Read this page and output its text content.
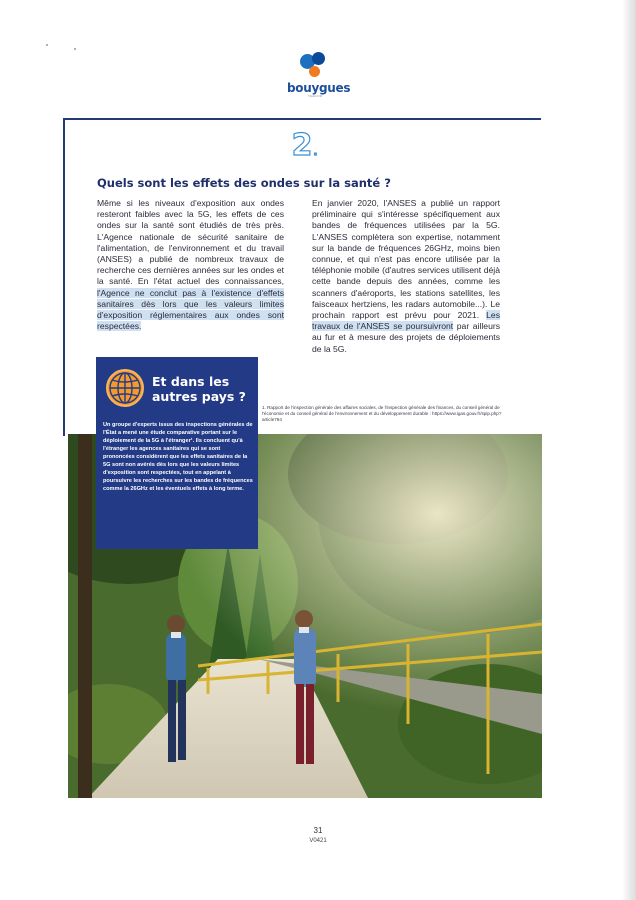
bouygues
TELECOM
2.
Quels sont les effets des ondes sur la santé ?
Même si les niveaux d'exposition aux ondes resteront faibles avec la 5G, les effets de ces ondes sur la santé sont étudiés de très près. L'Agence nationale de sécurité sanitaire de l'alimentation, de l'environnement et du travail (ANSES) a publié de nombreux travaux de recherche ces dernières années sur les ondes et la santé. En l'état actuel des connaissances, l'Agence ne conclut pas à l'existence d'effets sanitaires dès lors que les valeurs limites d'exposition réglementaires aux ondes sont respectées.
En janvier 2020, l'ANSES a publié un rapport préliminaire qui s'intéresse spécifiquement aux bandes de fréquences utilisées par la 5G. L'ANSES complètera son expertise, notamment sur la bande de fréquences 26GHz, moins bien connue, et qui n'est pas encore utilisée par la téléphonie mobile (d'autres services utilisent déjà cette bande depuis des années, comme les scanners d'aéroports, les stations satellites, les faisceaux hertziens, les radars automobile...). Le prochain rapport est prévu pour 2021. Les travaux de l'ANSES se poursuivront par ailleurs au fur et à mesure des projets de déploiements de la 5G.
1. Rapport de l'inspection générale des affaires sociales, de l'inspection générale des finances, du conseil général de l'économie et du conseil général de l'environnement et du développement durable : https://www.igas.gouv.fr/spip.php?article794
Et dans les autres pays ?
Un groupe d'experts issus des inspections générales de l'État a mené une étude comparative portant sur le déploiement de la 5G à l'étranger¹. Ils concluent qu'à l'étranger les agences sanitaires qui se sont prononcées considèrent que les effets sanitaires de la 5G sont non avérés dès lors que les valeurs limites d'exposition sont respectées, tout en appelant à poursuivre les recherches sur les bandes de fréquences comme la 26GHz et les éventuels effets à long terme.
31
V0421
